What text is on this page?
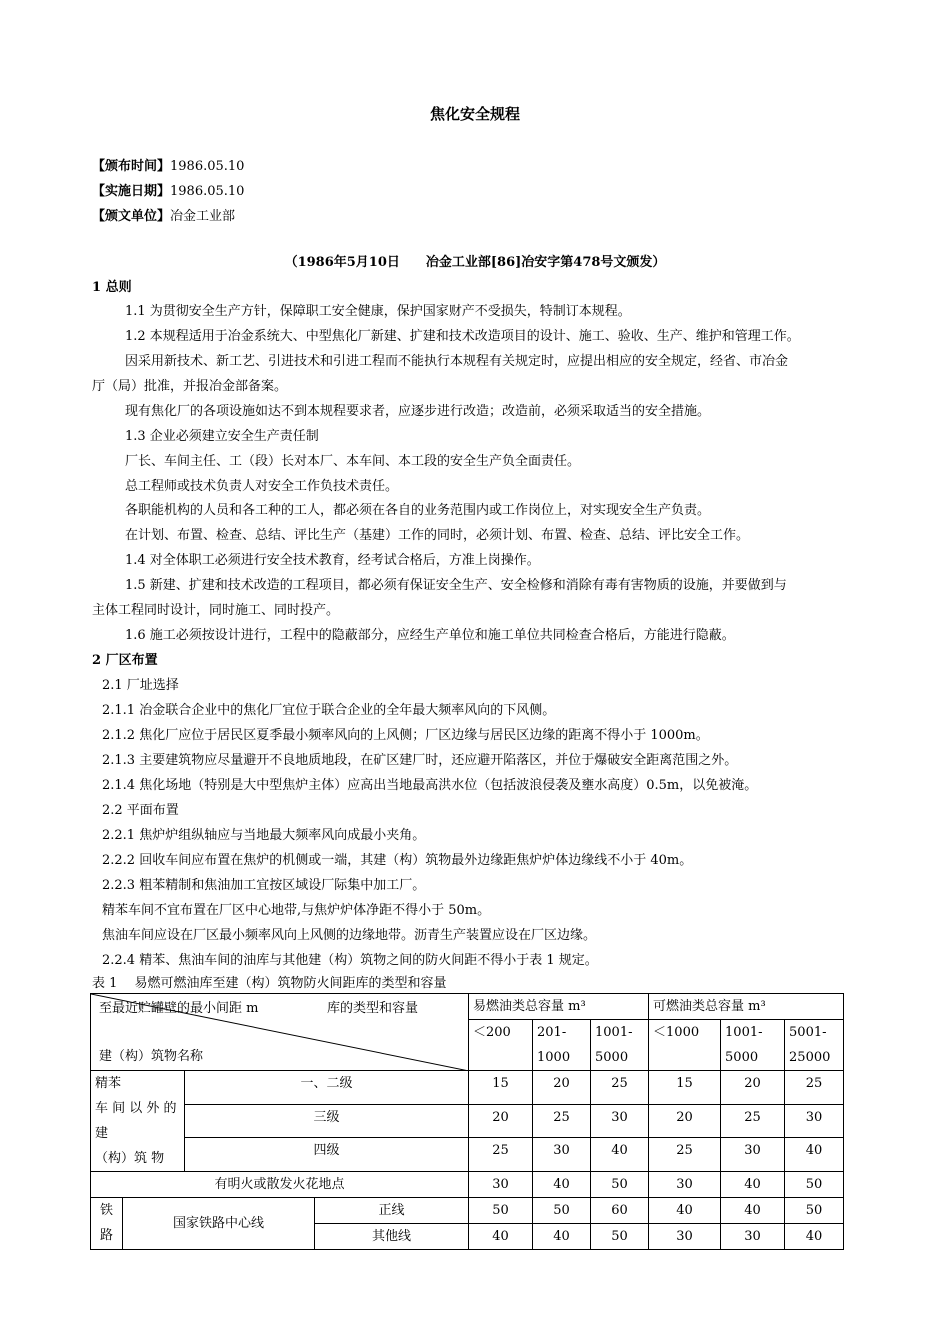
焦化安全规程
【颁布时间】1986.05.10
【实施日期】1986.05.10
【颁文单位】冶金工业部
（1986年5月10日　　冶金工业部[86]冶安字第478号文颁发）
1 总则
1.1 为贯彻安全生产方针，保障职工安全健康，保护国家财产不受损失，特制订本规程。
1.2 本规程适用于冶金系统大、中型焦化厂新建、扩建和技术改造项目的设计、施工、验收、生产、维护和管理工作。
因采用新技术、新工艺、引进技术和引进工程而不能执行本规程有关规定时，应提出相应的安全规定，经省、市冶金
厅（局）批准，并报冶金部备案。
现有焦化厂的各项设施如达不到本规程要求者，应逐步进行改造；改造前，必须采取适当的安全措施。
1.3 企业必须建立安全生产责任制
厂长、车间主任、工（段）长对本厂、本车间、本工段的安全生产负全面责任。
总工程师或技术负责人对安全工作负技术责任。
各职能机构的人员和各工种的工人，都必须在各自的业务范围内或工作岗位上，对实现安全生产负责。
在计划、布置、检查、总结、评比生产（基建）工作的同时，必须计划、布置、检查、总结、评比安全工作。
1.4 对全体职工必须进行安全技术教育，经考试合格后，方准上岗操作。
1.5 新建、扩建和技术改造的工程项目，都必须有保证安全生产、安全检修和消除有毒有害物质的设施，并要做到与
主体工程同时设计，同时施工、同时投产。
1.6 施工必须按设计进行，工程中的隐蔽部分，应经生产单位和施工单位共同检查合格后，方能进行隐蔽。
2 厂区布置
2.1 厂址选择
2.1.1 冶金联合企业中的焦化厂宜位于联合企业的全年最大频率风向的下风侧。
2.1.2 焦化厂应位于居民区夏季最小频率风向的上风侧；厂区边缘与居民区边缘的距离不得小于 1000m。
2.1.3 主要建筑物应尽量避开不良地质地段，在矿区建厂时，还应避开陷落区，并位于爆破安全距离范围之外。
2.1.4 焦化场地（特别是大中型焦炉主体）应高出当地最高洪水位（包括波浪侵袭及壅水高度）0.5m，以免被淹。
2.2 平面布置
2.2.1 焦炉炉组纵轴应与当地最大频率风向成最小夹角。
2.2.2 回收车间应布置在焦炉的机侧或一端，其建（构）筑物最外边缘距焦炉炉体边缘线不小于 40m。
2.2.3 粗苯精制和焦油加工宜按区域设厂际集中加工厂。
精苯车间不宜布置在厂区中心地带,与焦炉炉体净距不得小于 50m。
焦油车间应设在厂区最小频率风向上风侧的边缘地带。沥青生产装置应设在厂区边缘。
2.2.4 精苯、焦油车间的油库与其他建（构）筑物之间的防火间距不得小于表 1 规定。
表 1　 易燃可燃油库至建（构）筑物防火间距库的类型和容量
至最近贮罐壁的最小间距 m 库的类型和容量
建（构）筑物名称				易燃油类总容量 m³			可燃油类总容量 m³		
				＜200	201-
1000	1001-
5000	＜1000	1001-
5000	5001-
25000

精苯
车 间 以 外 的 建
（构）筑 物		一、二级		15	20	25	15	20	25
		三级		20	25	30	20	25	30
		四级		25	30	40	25	30	40
有明火或散发火花地点				30	40	50	30	40	50
铁
路	国家铁路中心线		正线	50	50	60	40	40	50
			其他线	40	40	50	30	30	40
